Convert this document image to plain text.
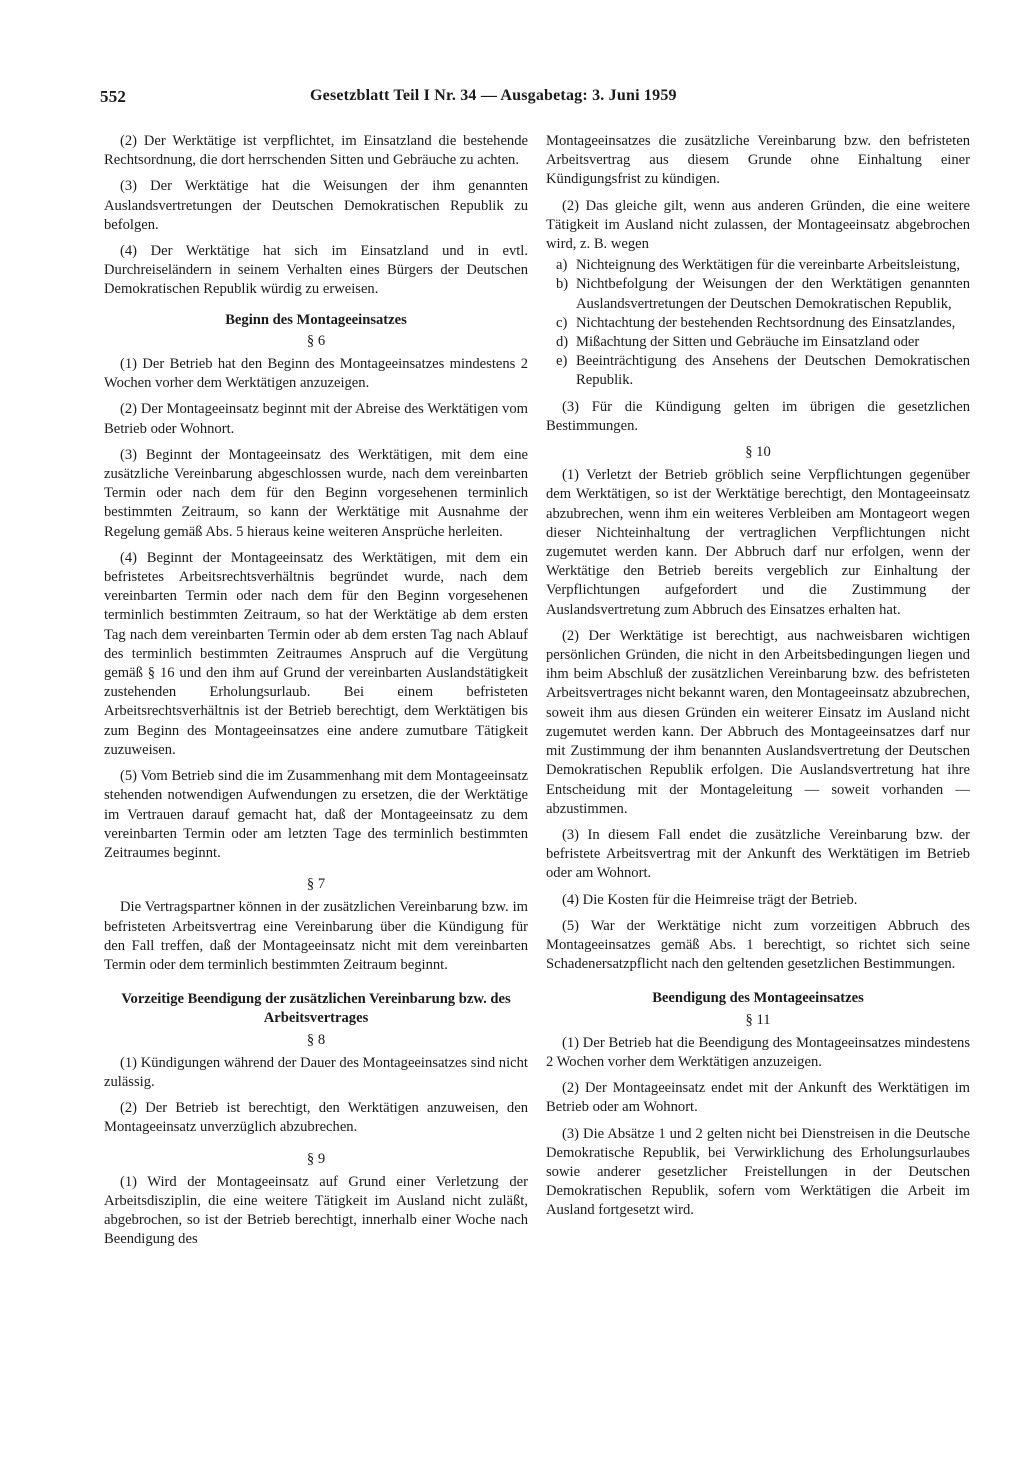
552	Gesetzblatt Teil I Nr. 34 — Ausgabetag: 3. Juni 1959

(2) Der Werktätige ist verpflichtet, im Einsatzland die bestehende Rechtsordnung, die dort herrschenden Sitten und Gebräuche zu achten.

(3) Der Werktätige hat die Weisungen der ihm genannten Auslandsvertretungen der Deutschen Demokratischen Republik zu befolgen.

(4) Der Werktätige hat sich im Einsatzland und in evtl. Durchreiseländern in seinem Verhalten eines Bürgers der Deutschen Demokratischen Republik würdig zu erweisen.

Beginn des Montageeinsatzes
§ 6

(1) Der Betrieb hat den Beginn des Montageeinsatzes mindestens 2 Wochen vorher dem Werktätigen anzuzeigen.

(2) Der Montageeinsatz beginnt mit der Abreise des Werktätigen vom Betrieb oder Wohnort.

(3) Beginnt der Montageeinsatz des Werktätigen, mit dem eine zusätzliche Vereinbarung abgeschlossen wurde, nach dem vereinbarten Termin oder nach dem für den Beginn vorgesehenen terminlich bestimmten Zeitraum, so kann der Werktätige mit Ausnahme der Regelung gemäß Abs. 5 hieraus keine weiteren Ansprüche herleiten.

(4) Beginnt der Montageeinsatz des Werktätigen, mit dem ein befristetes Arbeitsrechtsverhältnis begründet wurde, nach dem vereinbarten Termin oder nach dem für den Beginn vorgesehenen terminlich bestimmten Zeitraum, so hat der Werktätige ab dem ersten Tag nach dem vereinbarten Termin oder ab dem ersten Tag nach Ablauf des terminlich bestimmten Zeitraumes Anspruch auf die Vergütung gemäß § 16 und den ihm auf Grund der vereinbarten Auslandstätigkeit zustehenden Erholungsurlaub. Bei einem befristeten Arbeitsrechtsverhältnis ist der Betrieb berechtigt, dem Werktätigen bis zum Beginn des Montageeinsatzes eine andere zumutbare Tätigkeit zuzuweisen.

(5) Vom Betrieb sind die im Zusammenhang mit dem Montageeinsatz stehenden notwendigen Aufwendungen zu ersetzen, die der Werktätige im Vertrauen darauf gemacht hat, daß der Montageeinsatz zu dem vereinbarten Termin oder am letzten Tage des terminlich bestimmten Zeitraumes beginnt.

§ 7

Die Vertragspartner können in der zusätzlichen Vereinbarung bzw. im befristeten Arbeitsvertrag eine Vereinbarung über die Kündigung für den Fall treffen, daß der Montageeinsatz nicht mit dem vereinbarten Termin oder dem terminlich bestimmten Zeitraum beginnt.

Vorzeitige Beendigung der zusätzlichen Vereinbarung bzw. des Arbeitsvertrages
§ 8

(1) Kündigungen während der Dauer des Montageeinsatzes sind nicht zulässig.

(2) Der Betrieb ist berechtigt, den Werktätigen anzuweisen, den Montageeinsatz unverzüglich abzubrechen.

§ 9

(1) Wird der Montageeinsatz auf Grund einer Verletzung der Arbeitsdisziplin, die eine weitere Tätigkeit im Ausland nicht zuläßt, abgebrochen, so ist der Betrieb berechtigt, innerhalb einer Woche nach Beendigung des

Montageeinsatzes die zusätzliche Vereinbarung bzw. den befristeten Arbeitsvertrag aus diesem Grunde ohne Einhaltung einer Kündigungsfrist zu kündigen.

(2) Das gleiche gilt, wenn aus anderen Gründen, die eine weitere Tätigkeit im Ausland nicht zulassen, der Montageeinsatz abgebrochen wird, z. B. wegen

a) Nichteignung des Werktätigen für die vereinbarte Arbeitsleistung,
b) Nichtbefolgung der Weisungen der den Werktätigen genannten Auslandsvertretungen der Deutschen Demokratischen Republik,
c) Nichtachtung der bestehenden Rechtsordnung des Einsatzlandes,
d) Mißachtung der Sitten und Gebräuche im Einsatzland oder
e) Beeinträchtigung des Ansehens der Deutschen Demokratischen Republik.

(3) Für die Kündigung gelten im übrigen die gesetzlichen Bestimmungen.

§ 10

(1) Verletzt der Betrieb gröblich seine Verpflichtungen gegenüber dem Werktätigen, so ist der Werktätige berechtigt, den Montageeinsatz abzubrechen, wenn ihm ein weiteres Verbleiben am Montageort wegen dieser Nichteinhaltung der vertraglichen Verpflichtungen nicht zugemutet werden kann. Der Abbruch darf nur erfolgen, wenn der Werktätige den Betrieb bereits vergeblich zur Einhaltung der Verpflichtungen aufgefordert und die Zustimmung der Auslandsvertretung zum Abbruch des Einsatzes erhalten hat.

(2) Der Werktätige ist berechtigt, aus nachweisbaren wichtigen persönlichen Gründen, die nicht in den Arbeitsbedingungen liegen und ihm beim Abschluß der zusätzlichen Vereinbarung bzw. des befristeten Arbeitsvertrages nicht bekannt waren, den Montageeinsatz abzubrechen, soweit ihm aus diesen Gründen ein weiterer Einsatz im Ausland nicht zugemutet werden kann. Der Abbruch des Montageeinsatzes darf nur mit Zustimmung der ihm benannten Auslandsvertretung der Deutschen Demokratischen Republik erfolgen. Die Auslandsvertretung hat ihre Entscheidung mit der Montageleitung — soweit vorhanden — abzustimmen.

(3) In diesem Fall endet die zusätzliche Vereinbarung bzw. der befristete Arbeitsvertrag mit der Ankunft des Werktätigen im Betrieb oder am Wohnort.

(4) Die Kosten für die Heimreise trägt der Betrieb.

(5) War der Werktätige nicht zum vorzeitigen Abbruch des Montageeinsatzes gemäß Abs. 1 berechtigt, so richtet sich seine Schadenersatzpflicht nach den geltenden gesetzlichen Bestimmungen.

Beendigung des Montageeinsatzes
§ 11

(1) Der Betrieb hat die Beendigung des Montageeinsatzes mindestens 2 Wochen vorher dem Werktätigen anzuzeigen.

(2) Der Montageeinsatz endet mit der Ankunft des Werktätigen im Betrieb oder am Wohnort.

(3) Die Absätze 1 und 2 gelten nicht bei Dienstreisen in die Deutsche Demokratische Republik, bei Verwirklichung des Erholungsurlaubes sowie anderer gesetzlicher Freistellungen in der Deutschen Demokratischen Republik, sofern vom Werktätigen die Arbeit im Ausland fortgesetzt wird.
